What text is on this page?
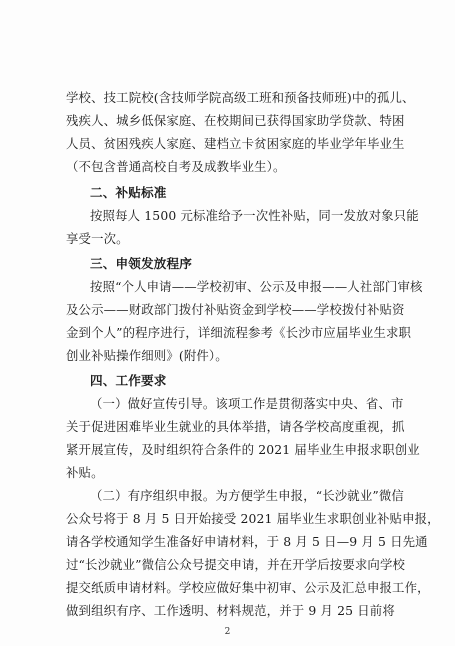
学校、技工院校(含技师学院高级工班和预备技师班)中的孤儿、
残疾人、城乡低保家庭、在校期间已获得国家助学贷款、特困
人员、贫困残疾人家庭、建档立卡贫困家庭的毕业学年毕业生
（不包含普通高校自考及成教毕业生）。
二、补贴标准
按照每人 1500 元标准给予一次性补贴，同一发放对象只能
享受一次。
三、申领发放程序
按照“个人申请——学校初审、公示及申报——人社部门审核
及公示——财政部门拨付补贴资金到学校——学校拨付补贴资
金到个人”的程序进行，详细流程参考《长沙市应届毕业生求职
创业补贴操作细则》(附件）。
四、工作要求
（一）做好宣传引导。该项工作是贯彻落实中央、省、市
关于促进困难毕业生就业的具体举措，请各学校高度重视，抓
紧开展宣传，及时组织符合条件的 2021 届毕业生申报求职创业
补贴。
（二）有序组织申报。为方便学生申报，“长沙就业”微信
公众号将于 8 月 5 日开始接受 2021 届毕业生求职创业补贴申报，
请各学校通知学生准备好申请材料，于 8 月 5 日—9 月 5 日先通
过“长沙就业”微信公众号提交申请，并在开学后按要求向学校
提交纸质申请材料。学校应做好集中初审、公示及汇总申报工作，
做到组织有序、工作透明、材料规范，并于 9 月 25 日前将
2
